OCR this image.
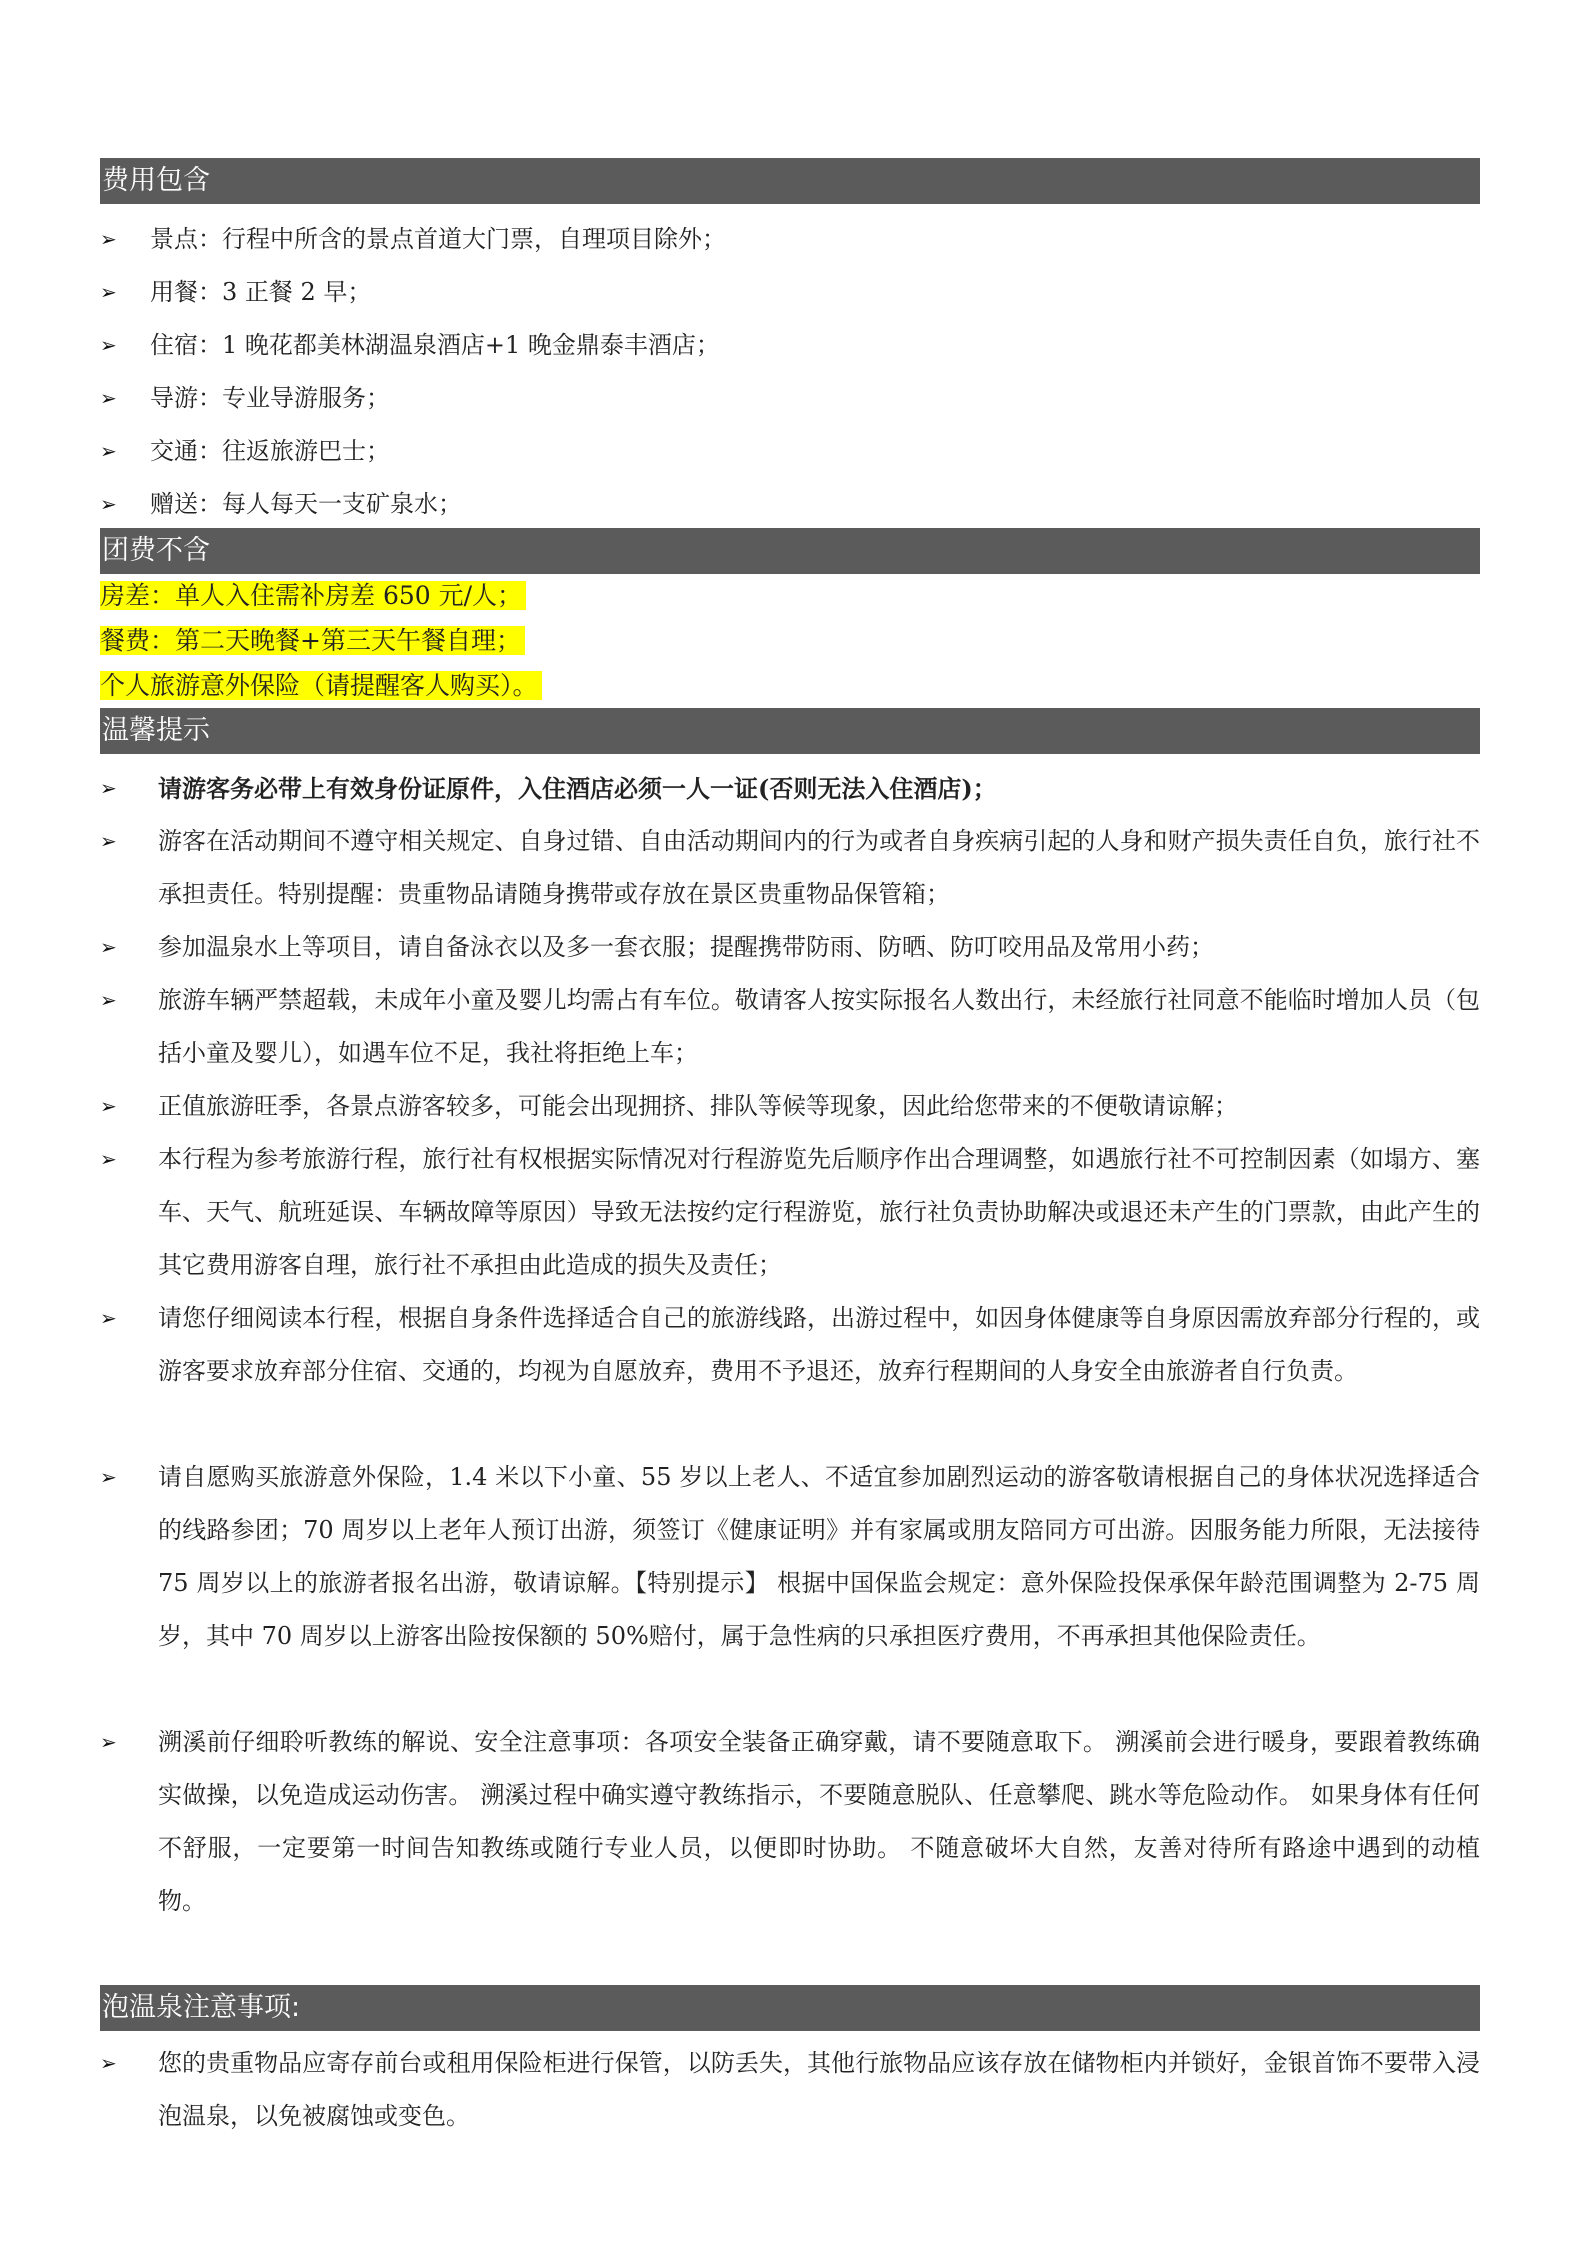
费用包含
➢ 景点：行程中所含的景点首道大门票，自理项目除外；
➢ 用餐：3 正餐 2 早；
➢ 住宿：1 晚花都美林湖温泉酒店+1 晚金鼎泰丰酒店；
➢ 导游：专业导游服务；
➢ 交通：往返旅游巴士；
➢ 赠送：每人每天一支矿泉水；
团费不含
房差：单人入住需补房差 650 元/人；
餐费：第二天晚餐+第三天午餐自理；
个人旅游意外保险（请提醒客人购买）。
温馨提示
➢	请游客务必带上有效身份证原件，入住酒店必须一人一证(否则无法入住酒店)；
➢	游客在活动期间不遵守相关规定、自身过错、自由活动期间内的行为或者自身疾病引起的人身和财产损失责任自负，旅行社不承担责任。特别提醒：贵重物品请随身携带或存放在景区贵重物品保管箱；
➢	参加温泉水上等项目，请自备泳衣以及多一套衣服；提醒携带防雨、防晒、防叮咬用品及常用小药；
➢	旅游车辆严禁超载，未成年小童及婴儿均需占有车位。敬请客人按实际报名人数出行，未经旅行社同意不能临时增加人员（包括小童及婴儿），如遇车位不足，我社将拒绝上车；
➢	正值旅游旺季，各景点游客较多，可能会出现拥挤、排队等候等现象，因此给您带来的不便敬请谅解；
➢	本行程为参考旅游行程，旅行社有权根据实际情况对行程游览先后顺序作出合理调整，如遇旅行社不可控制因素（如塌方、塞车、天气、航班延误、车辆故障等原因）导致无法按约定行程游览，旅行社负责协助解决或退还未产生的门票款，由此产生的其它费用游客自理，旅行社不承担由此造成的损失及责任；
➢	请您仔细阅读本行程，根据自身条件选择适合自己的旅游线路，出游过程中，如因身体健康等自身原因需放弃部分行程的，或游客要求放弃部分住宿、交通的，均视为自愿放弃，费用不予退还，放弃行程期间的人身安全由旅游者自行负责。
➢	请自愿购买旅游意外保险，1.4 米以下小童、55 岁以上老人、不适宜参加剧烈运动的游客敬请根据自己的身体状况选择适合的线路参团；70 周岁以上老年人预订出游，须签订《健康证明》并有家属或朋友陪同方可出游。因服务能力所限，无法接待 75 周岁以上的旅游者报名出游，敬请谅解。【特别提示】 根据中国保监会规定：意外保险投保承保年龄范围调整为 2-75 周岁，其中 70 周岁以上游客出险按保额的 50%赔付，属于急性病的只承担医疗费用，不再承担其他保险责任。
➢	溯溪前仔细聆听教练的解说、安全注意事项：各项安全装备正确穿戴，请不要随意取下。 溯溪前会进行暖身，要跟着教练确实做操，以免造成运动伤害。 溯溪过程中确实遵守教练指示，不要随意脱队、任意攀爬、跳水等危险动作。 如果身体有任何不舒服，一定要第一时间告知教练或随行专业人员，以便即时协助。 不随意破坏大自然，友善对待所有路途中遇到的动植物。
泡温泉注意事项:
➢	您的贵重物品应寄存前台或租用保险柜进行保管，以防丢失，其他行旅物品应该存放在储物柜内并锁好，金银首饰不要带入浸泡温泉，以免被腐蚀或变色。
